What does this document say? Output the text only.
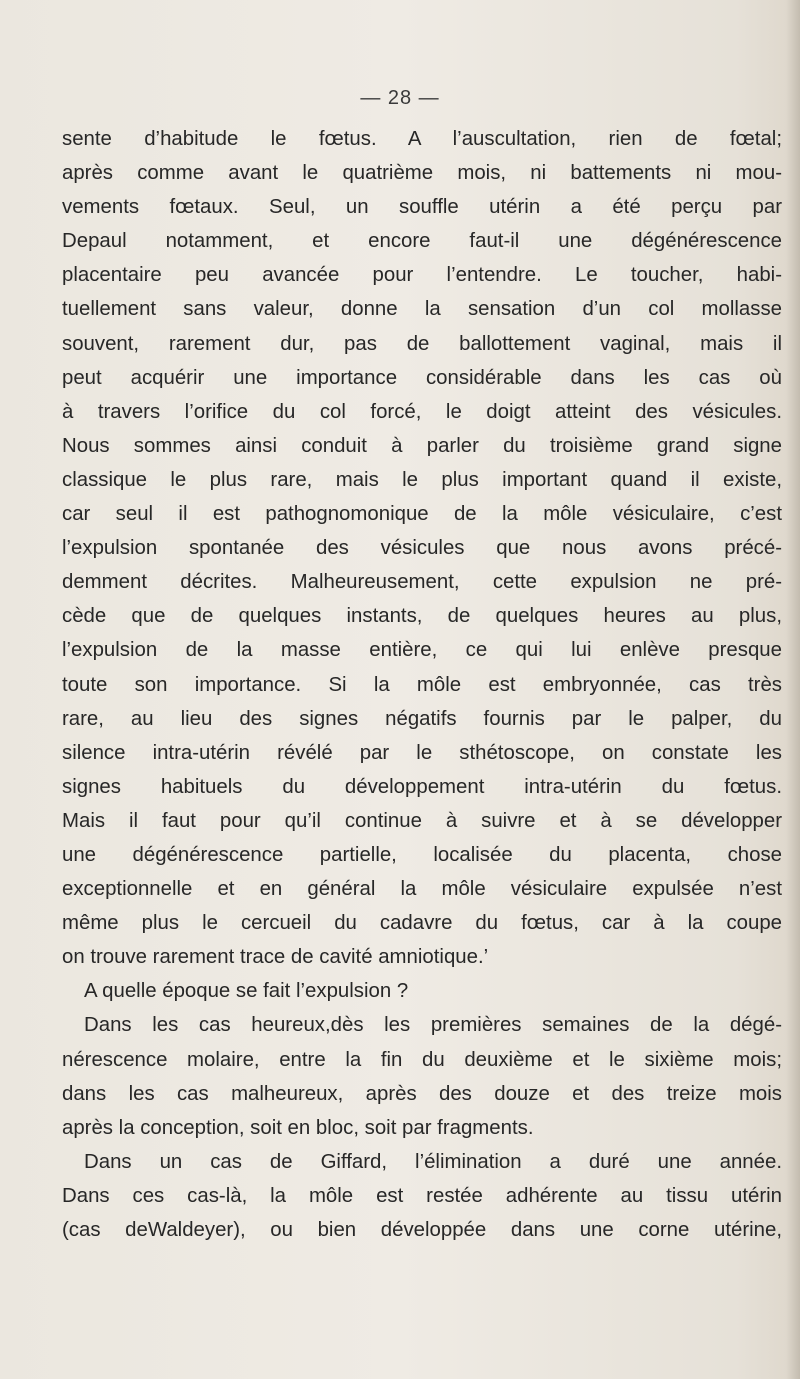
— 28 —
sente d’habitude le fœtus. A l’auscultation, rien de fœtal;
après comme avant le quatrième mois, ni battements ni mou-
vements fœtaux. Seul, un souffle utérin a été perçu par
Depaul notamment, et encore faut-il une dégénérescence
placentaire peu avancée pour l’entendre. Le toucher, habi-
tuellement sans valeur, donne la sensation d’un col mollasse
souvent, rarement dur, pas de ballottement vaginal, mais il
peut acquérir une importance considérable dans les cas où
à travers l’orifice du col forcé, le doigt atteint des vésicules.
Nous sommes ainsi conduit à parler du troisième grand signe
classique le plus rare, mais le plus important quand il existe,
car seul il est pathognomonique de la môle vésiculaire, c’est
l’expulsion spontanée des vésicules que nous avons précé-
demment décrites. Malheureusement, cette expulsion ne pré-
cède que de quelques instants, de quelques heures au plus,
l’expulsion de la masse entière, ce qui lui enlève presque
toute son importance. Si la môle est embryonnée, cas très
rare, au lieu des signes négatifs fournis par le palper, du
silence intra-utérin révélé par le sthétoscope, on constate les
signes habituels du développement intra-utérin du fœtus.
Mais il faut pour qu’il continue à suivre et à se développer
une dégénérescence partielle, localisée du placenta, chose
exceptionnelle et en général la môle vésiculaire expulsée n’est
même plus le cercueil du cadavre du fœtus, car à la coupe
on trouve rarement trace de cavité amniotique.’
A quelle époque se fait l’expulsion ?
Dans les cas heureux,dès les premières semaines de la dégé-
nérescence molaire, entre la fin du deuxième et le sixième mois;
dans les cas malheureux, après des douze et des treize mois
après la conception, soit en bloc, soit par fragments.
Dans un cas de Giffard, l’élimination a duré une année.
Dans ces cas-là, la môle est restée adhérente au tissu utérin
(cas deWaldeyer), ou bien développée dans une corne utérine,
